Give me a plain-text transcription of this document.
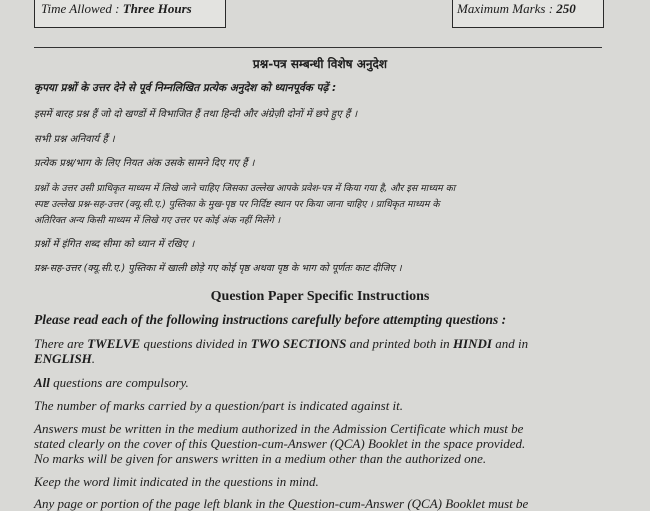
Time Allowed : Three Hours	Maximum Marks : 250
प्रश्न-पत्र सम्बन्धी विशेष अनुदेश
कृपया प्रश्नों के उत्तर देने से पूर्व निम्नलिखित प्रत्येक अनुदेश को ध्यानपूर्वक पढ़ें :
इसमें बारह प्रश्न हैं जो दो खण्डों में विभाजित हैं तथा हिन्दी और अंग्रेज़ी दोनों में छपे हुए हैं ।
सभी प्रश्न अनिवार्य हैं ।
प्रत्येक प्रश्न/भाग के लिए नियत अंक उसके सामने दिए गए हैं ।
प्रश्नों के उत्तर उसी प्राधिकृत माध्यम में लिखे जाने चाहिए जिसका उल्लेख आपके प्रवेश-पत्र में किया गया है, और इस माध्यम का
स्पष्ट उल्लेख प्रश्न-सह-उत्तर (क्यू.सी.ए.) पुस्तिका के मुख-पृष्ठ पर निर्दिष्ट स्थान पर किया जाना चाहिए । प्राधिकृत माध्यम के
अतिरिक्त अन्य किसी माध्यम में लिखे गए उत्तर पर कोई अंक नहीं मिलेंगे ।
प्रश्नों में इंगित शब्द सीमा को ध्यान में रखिए ।
प्रश्न-सह-उत्तर (क्यू.सी.ए.) पुस्तिका में खाली छोड़े गए कोई पृष्ठ अथवा पृष्ठ के भाग को पूर्णतः काट दीजिए ।
Question Paper Specific Instructions
Please read each of the following instructions carefully before attempting questions :
There are TWELVE questions divided in TWO SECTIONS and printed both in HINDI and in
ENGLISH.
All questions are compulsory.
The number of marks carried by a question/part is indicated against it.
Answers must be written in the medium authorized in the Admission Certificate which must be
stated clearly on the cover of this Question-cum-Answer (QCA) Booklet in the space provided.
No marks will be given for answers written in a medium other than the authorized one.
Keep the word limit indicated in the questions in mind.
Any page or portion of the page left blank in the Question-cum-Answer (QCA) Booklet must be
